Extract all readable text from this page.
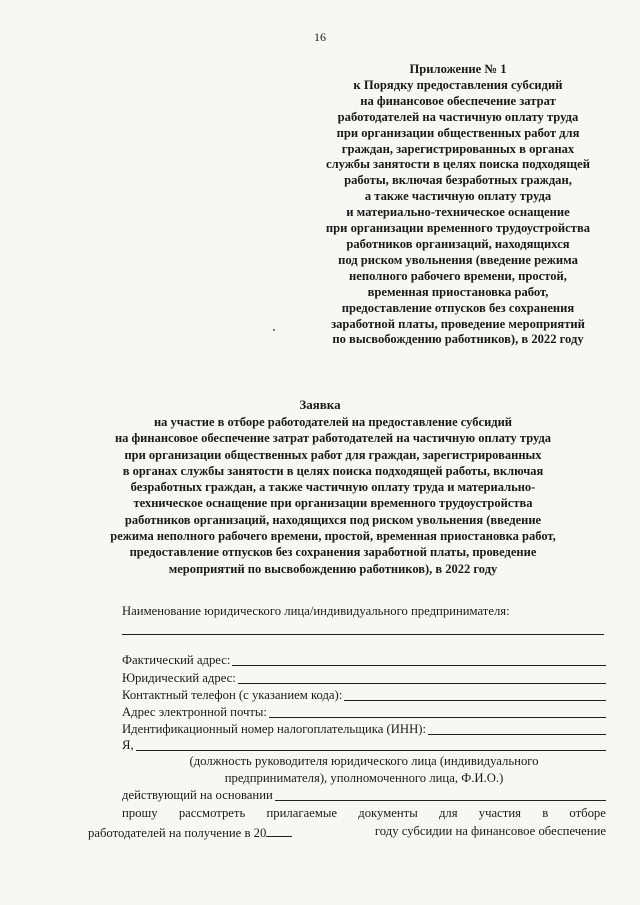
16
Приложение № 1
к Порядку предоставления субсидий
на финансовое обеспечение затрат
работодателей на частичную оплату труда
при организации общественных работ для
граждан, зарегистрированных в органах
службы занятости в целях поиска подходящей
работы, включая безработных граждан,
а также частичную оплату труда
и материально-техническое оснащение
при организации временного трудоустройства
работников организаций, находящихся
под риском увольнения (введение режима
неполного рабочего времени, простой,
временная приостановка работ,
предоставление отпусков без сохранения
заработной платы, проведение мероприятий
по высвобождению работников), в 2022 году
Заявка
на участие в отборе работодателей на предоставление субсидий
на финансовое обеспечение затрат работодателей на частичную оплату труда
при организации общественных работ для граждан, зарегистрированных
в органах службы занятости в целях поиска подходящей работы, включая
безработных граждан, а также частичную оплату труда и материально-
техническое оснащение при организации временного трудоустройства
работников организаций, находящихся под риском увольнения (введение
режима неполного рабочего времени, простой, временная приостановка работ,
предоставление отпусков без сохранения заработной платы, проведение
мероприятий по высвобождению работников), в 2022 году
Наименование юридического лица/индивидуального предпринимателя:
Фактический адрес:
Юридический адрес:
Контактный телефон (с указанием кода):
Адрес электронной почты:
Идентификационный номер налогоплательщика (ИНН):
Я,
(должность руководителя юридического лица (индивидуального
предпринимателя), уполномоченного лица, Ф.И.О.)
действующий на основании
прошу рассмотреть прилагаемые документы для участия в отборе
работодателей на получение в 20	году субсидии на финансовое обеспечение
